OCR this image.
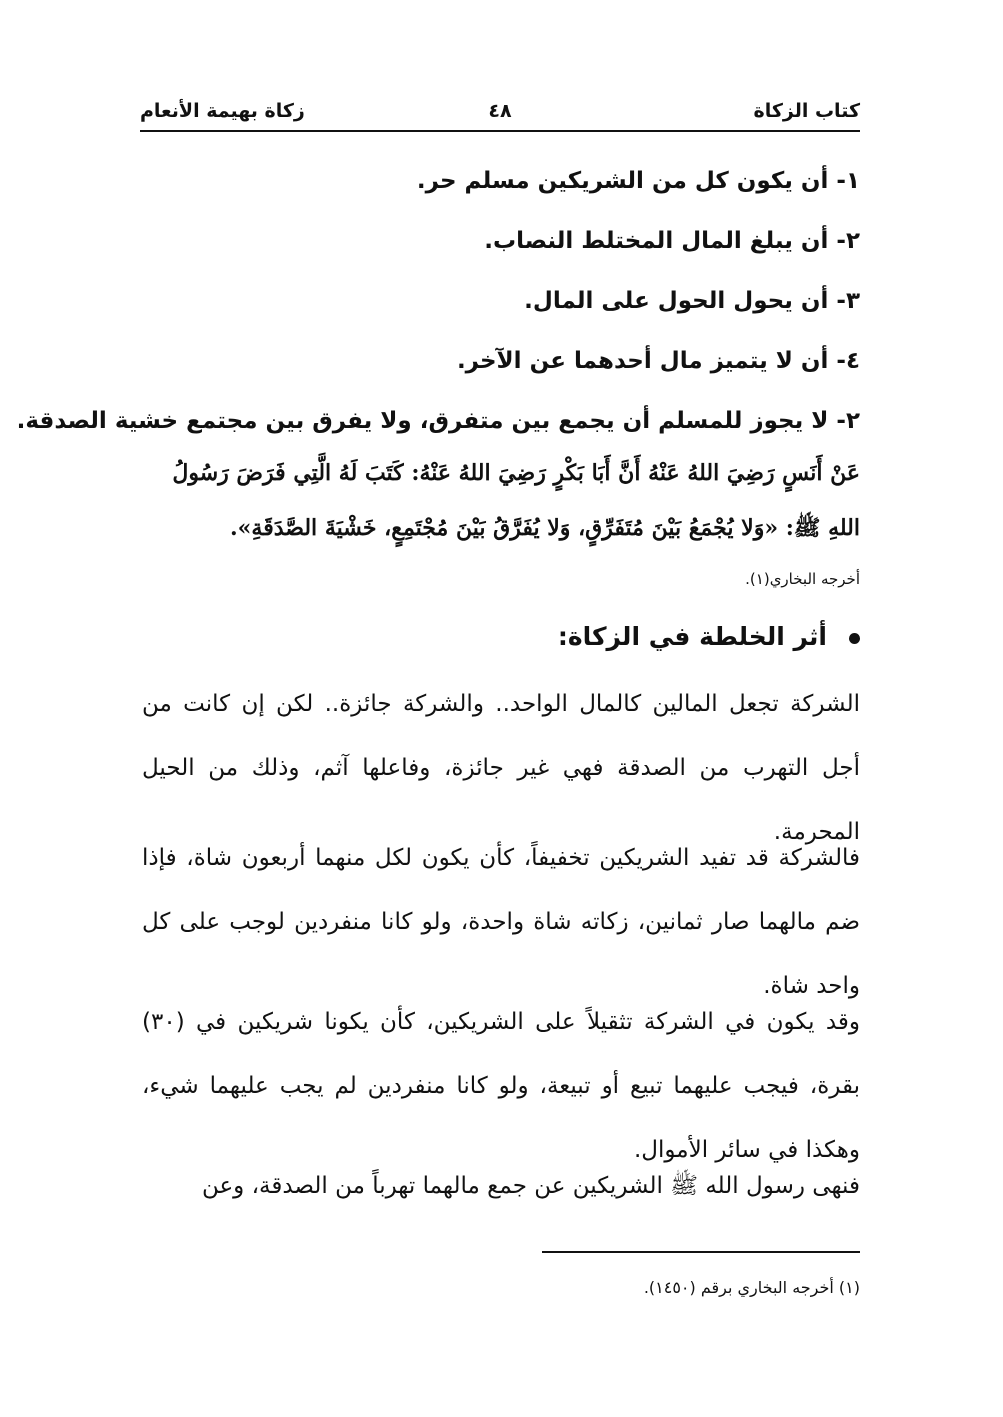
كتاب الزكاة
٤٨
زكاة بهيمة الأنعام
١- أن يكون كل من الشريكين مسلم حر.
٢- أن يبلغ المال المختلط النصاب.
٣- أن يحول الحول على المال.
٤- أن لا يتميز مال أحدهما عن الآخر.
٢- لا يجوز للمسلم أن يجمع بين متفرق، ولا يفرق بين مجتمع خشية الصدقة.
عَنْ أَنَسٍ رَضِيَ اللهُ عَنْهُ أَنَّ أَبَا بَكْرٍ رَضِيَ اللهُ عَنْهُ: كَتَبَ لَهُ الَّتِي فَرَضَ رَسُولُ
اللهِ ﷺ: «وَلا يُجْمَعُ بَيْنَ مُتَفَرِّقٍ، وَلا يُفَرَّقُ بَيْنَ مُجْتَمِعٍ، خَشْيَةَ الصَّدَقَةِ».
أخرجه البخاري(١).
أثر الخلطة في الزكاة:
الشركة تجعل المالين كالمال الواحد.. والشركة جائزة.. لكن إن كانت من أجل التهرب من الصدقة فهي غير جائزة، وفاعلها آثم، وذلك من الحيل المحرمة.
فالشركة قد تفيد الشريكين تخفيفاً، كأن يكون لكل منهما أربعون شاة، فإذا ضم مالهما صار ثمانين، زكاته شاة واحدة، ولو كانا منفردين لوجب على كل واحد شاة.
وقد يكون في الشركة تثقيلاً على الشريكين، كأن يكونا شريكين في (٣٠) بقرة، فيجب عليهما تبيع أو تبيعة، ولو كانا منفردين لم يجب عليهما شيء، وهكذا في سائر الأموال.
فنهى رسول الله ﷺ الشريكين عن جمع مالهما تهرباً من الصدقة، وعن
(١) أخرجه البخاري برقم (١٤٥٠).
